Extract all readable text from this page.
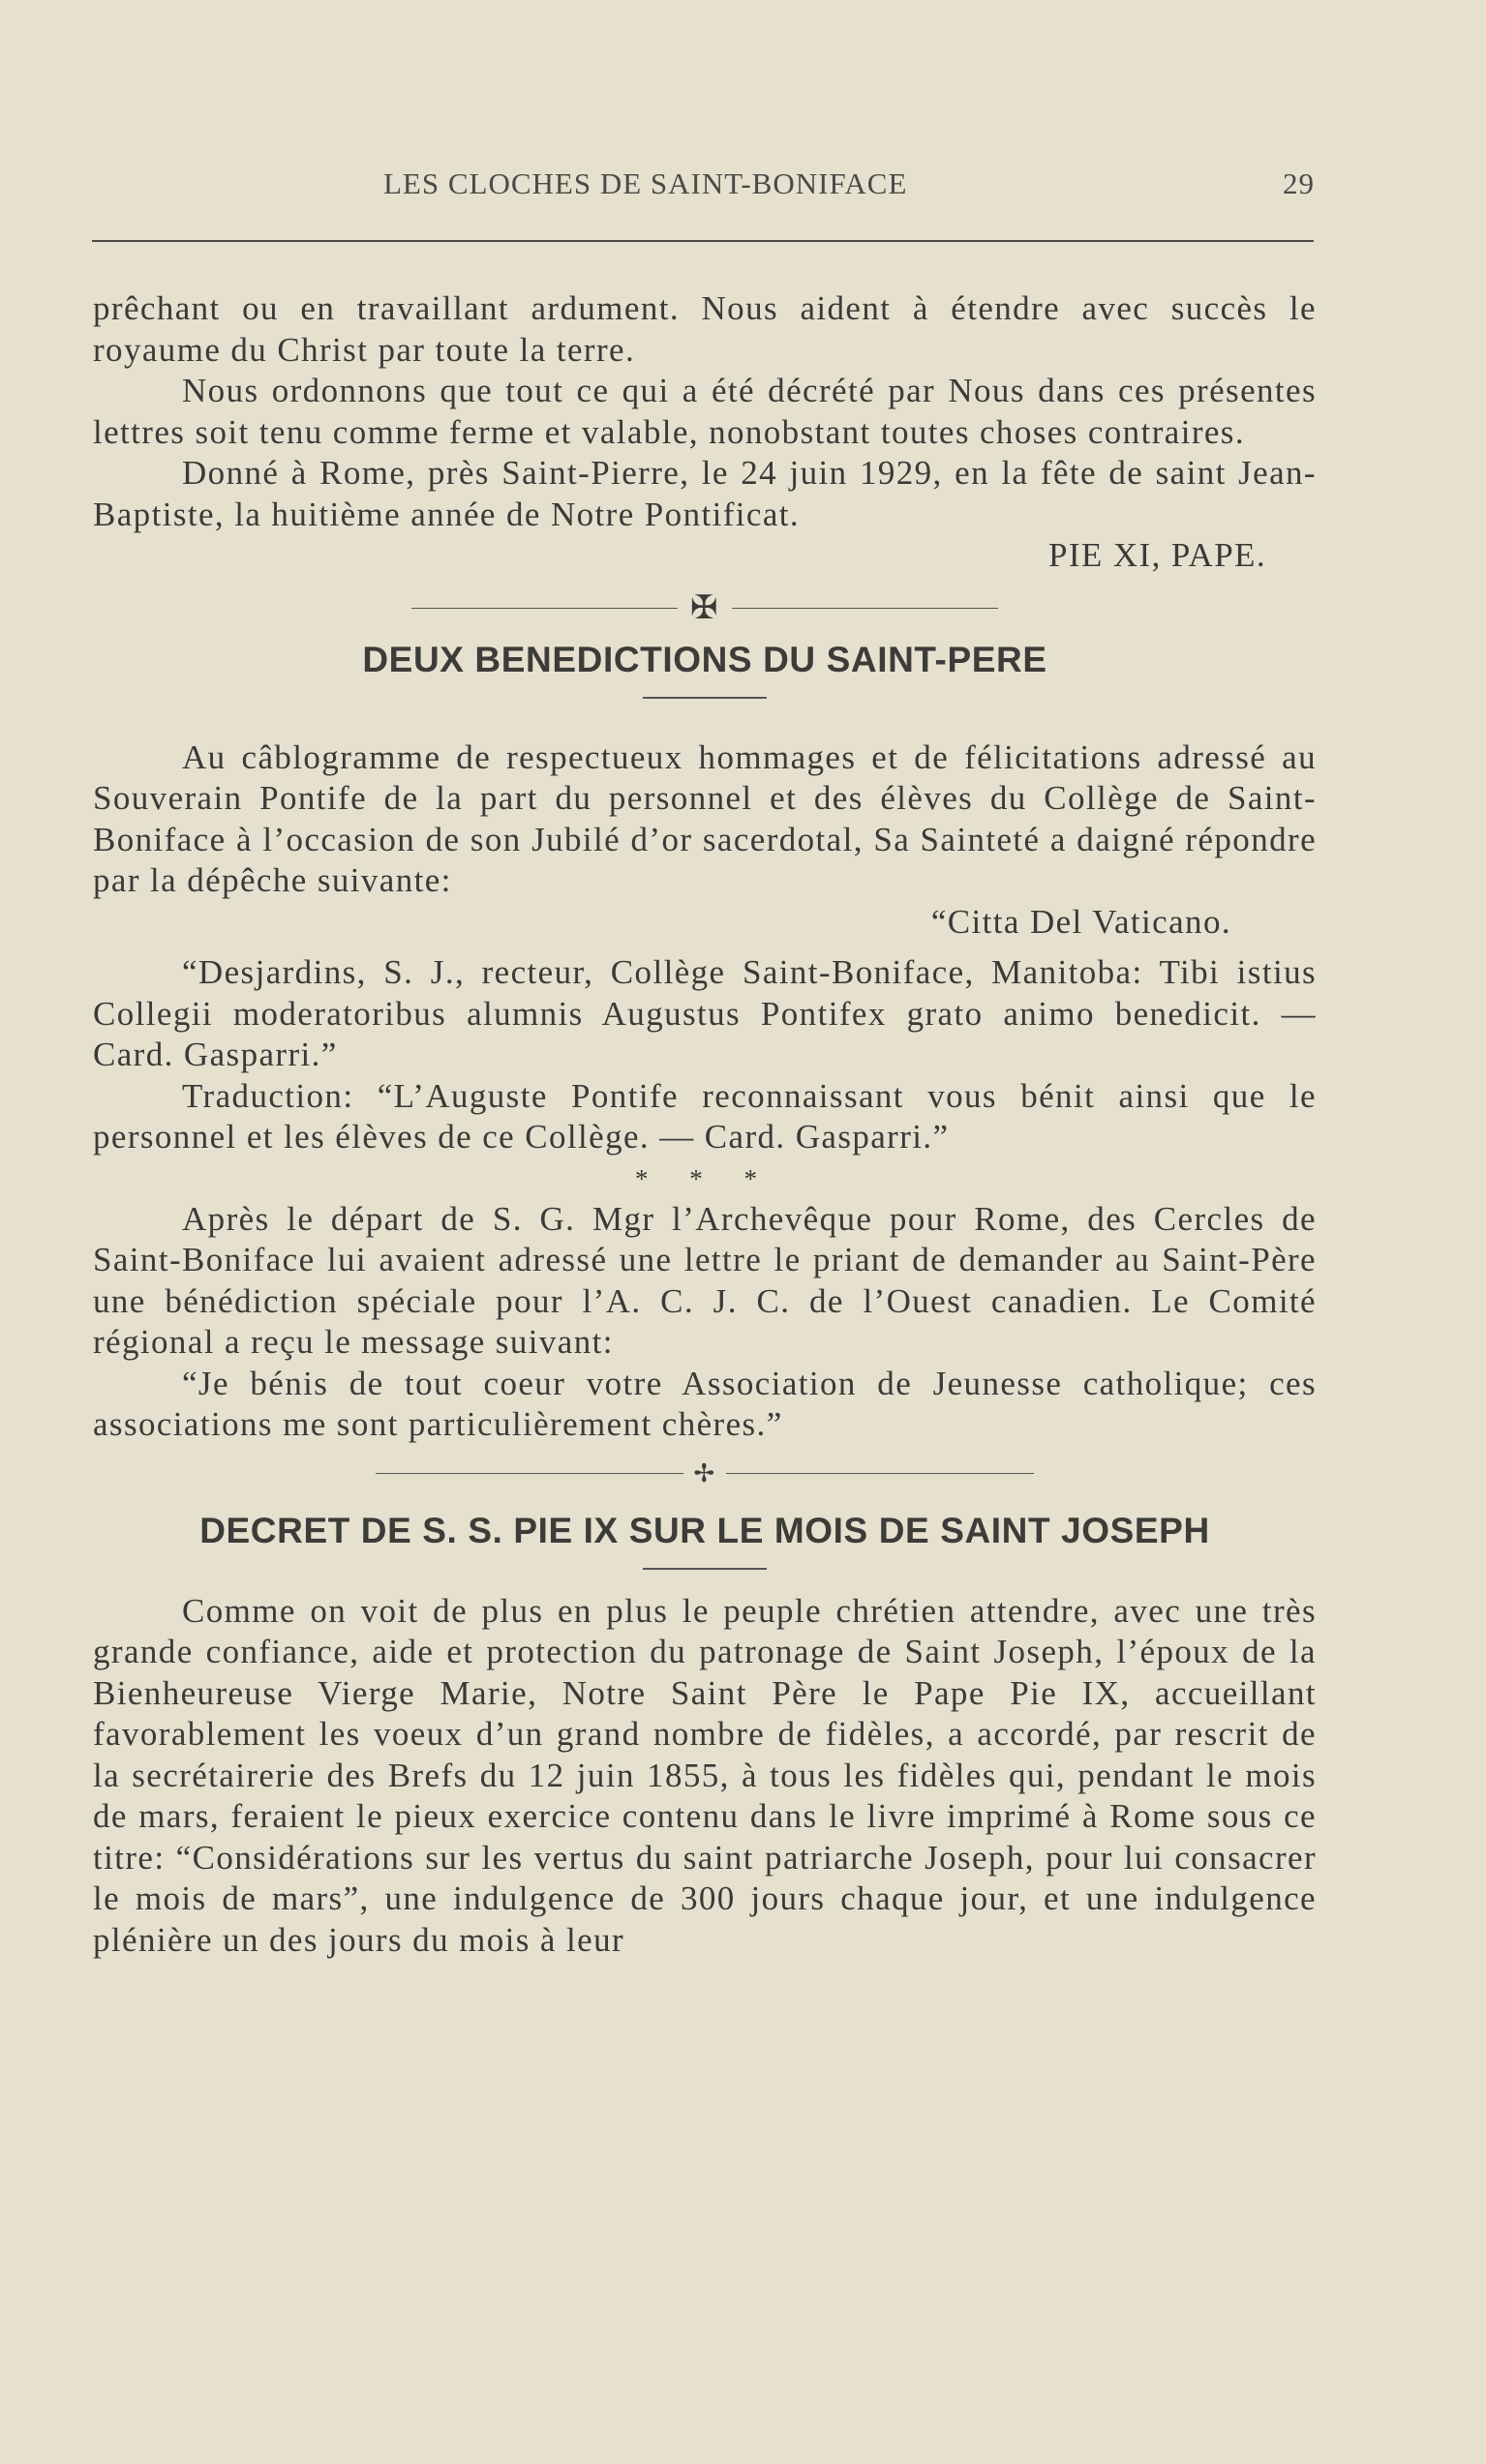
LES CLOCHES DE SAINT-BONIFACE	29

prêchant ou en travaillant ardument. Nous aident à étendre avec succès le royaume du Christ par toute la terre.

Nous ordonnons que tout ce qui a été décrété par Nous dans ces présentes lettres soit tenu comme ferme et valable, nonobstant toutes choses contraires.

Donné à Rome, près Saint-Pierre, le 24 juin 1929, en la fête de saint Jean-Baptiste, la huitième année de Notre Pontificat.

PIE XI, PAPE.

✠
DEUX BENEDICTIONS DU SAINT-PERE

Au câblogramme de respectueux hommages et de félicitations adressé au Souverain Pontife de la part du personnel et des élèves du Collège de Saint-Boniface à l’occasion de son Jubilé d’or sacerdotal, Sa Sainteté a daigné répondre par la dépêche suivante:

“Citta Del Vaticano.

“Desjardins, S. J., recteur, Collège Saint-Boniface, Manitoba: Tibi istius Collegii moderatoribus alumnis Augustus Pontifex grato animo benedicit. — Card. Gasparri.”

Traduction: “L’Auguste Pontife reconnaissant vous bénit ainsi que le personnel et les élèves de ce Collège. — Card. Gasparri.”

* * *

Après le départ de S. G. Mgr l’Archevêque pour Rome, des Cercles de Saint-Boniface lui avaient adressé une lettre le priant de demander au Saint-Père une bénédiction spéciale pour l’A. C. J. C. de l’Ouest canadien. Le Comité régional a reçu le message suivant:

“Je bénis de tout coeur votre Association de Jeunesse catholique; ces associations me sont particulièrement chères.”

✢
DECRET DE S. S. PIE IX SUR LE MOIS DE SAINT JOSEPH

Comme on voit de plus en plus le peuple chrétien attendre, avec une très grande confiance, aide et protection du patronage de Saint Joseph, l’époux de la Bienheureuse Vierge Marie, Notre Saint Père le Pape Pie IX, accueillant favorablement les voeux d’un grand nombre de fidèles, a accordé, par rescrit de la secrétairerie des Brefs du 12 juin 1855, à tous les fidèles qui, pendant le mois de mars, feraient le pieux exercice contenu dans le livre imprimé à Rome sous ce titre: “Considérations sur les vertus du saint patriarche Joseph, pour lui consacrer le mois de mars”, une indulgence de 300 jours chaque jour, et une indulgence plénière un des jours du mois à leur
